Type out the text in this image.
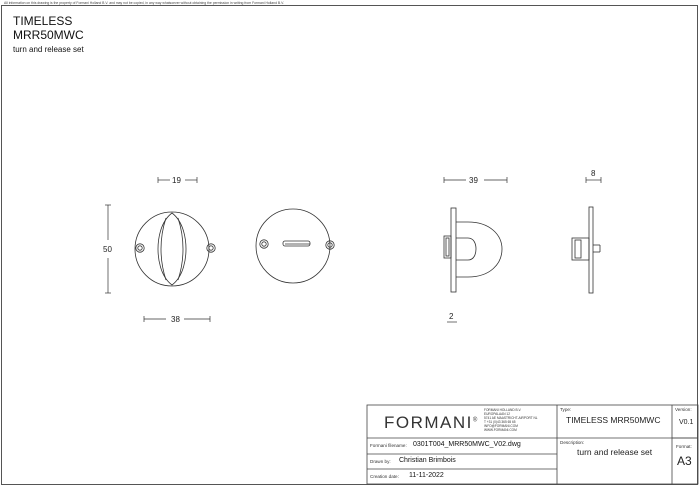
All information on this drawing is the property of Formani Holland B.V. and may not be copied, in any way whatsoever without obtaining the permission in writing from Formani Holland B.V.
TIMELESS
MRR50MWC
turn and release set
19
50
38
39
8
2
FORMANI®
FORMANI HOLLAND B.V.
EUROPALAAN 12
5741 AE MAASTRICHT-AIRPORT NL
T +31 (0)43 365 65 65
INFO@FORMANI.COM
WWW.FORMANI.COM
Type:
TIMELESS MRR50MWC
Version:
V0.1
Formani filename: 0301T004_MRR50MWC_V02.dwg	Description:
turn and release set
Drawn by: Christian Brimbois
Format:
A3
Creation date: 11-11-2022
